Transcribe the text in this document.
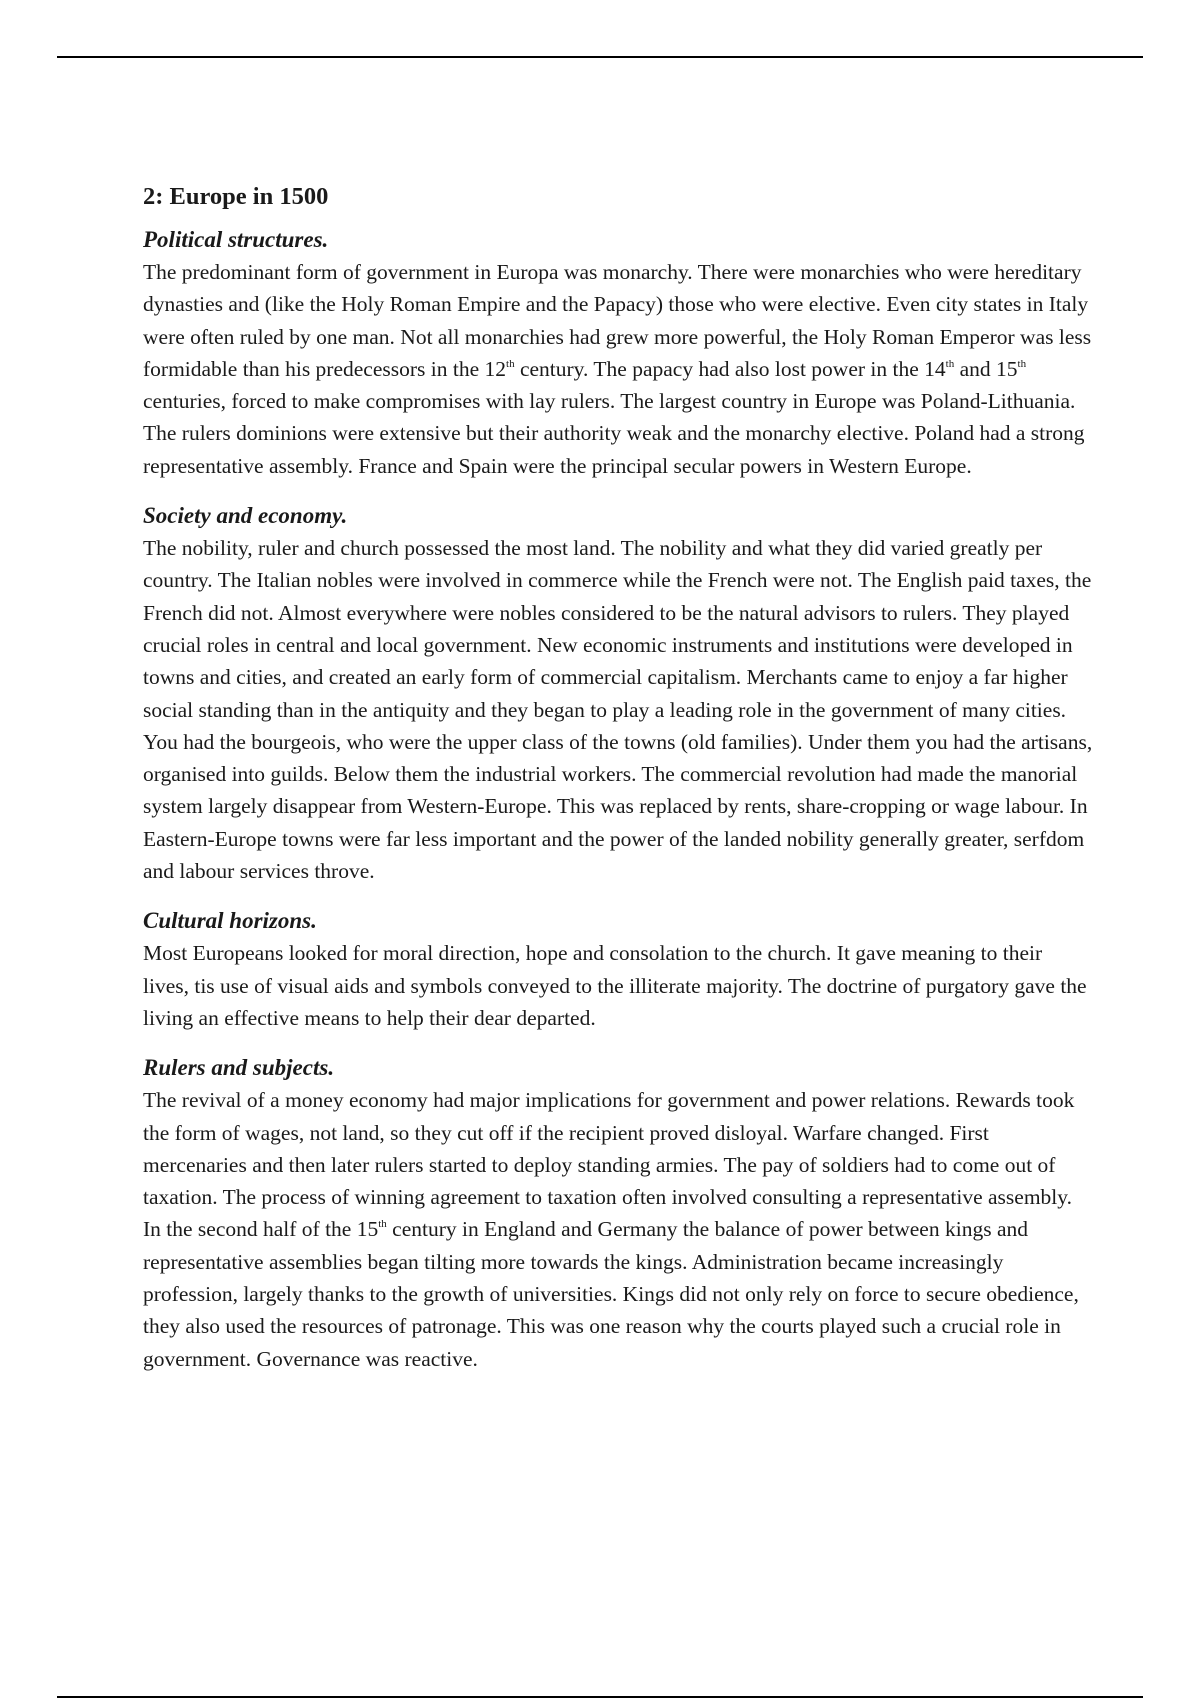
2: Europe in 1500
Political structures.

The predominant form of government in Europa was monarchy. There were monarchies who were hereditary dynasties and (like the Holy Roman Empire and the Papacy) those who were elective. Even city states in Italy were often ruled by one man. Not all monarchies had grew more powerful, the Holy Roman Emperor was less formidable than his predecessors in the 12th century. The papacy had also lost power in the 14th and 15th centuries, forced to make compromises with lay rulers. The largest country in Europe was Poland-Lithuania. The rulers dominions were extensive but their authority weak and the monarchy elective. Poland had a strong representative assembly. France and Spain were the principal secular powers in Western Europe.

Society and economy.

The nobility, ruler and church possessed the most land. The nobility and what they did varied greatly per country. The Italian nobles were involved in commerce while the French were not. The English paid taxes, the French did not. Almost everywhere were nobles considered to be the natural advisors to rulers. They played crucial roles in central and local government. New economic instruments and institutions were developed in towns and cities, and created an early form of commercial capitalism. Merchants came to enjoy a far higher social standing than in the antiquity and they began to play a leading role in the government of many cities. You had the bourgeois, who were the upper class of the towns (old families). Under them you had the artisans, organised into guilds. Below them the industrial workers. The commercial revolution had made the manorial system largely disappear from Western-Europe. This was replaced by rents, share-cropping or wage labour. In Eastern-Europe towns were far less important and the power of the landed nobility generally greater, serfdom and labour services throve.

Cultural horizons.

Most Europeans looked for moral direction, hope and consolation to the church. It gave meaning to their lives, tis use of visual aids and symbols conveyed to the illiterate majority. The doctrine of purgatory gave the living an effective means to help their dear departed.

Rulers and subjects.

The revival of a money economy had major implications for government and power relations. Rewards took the form of wages, not land, so they cut off if the recipient proved disloyal. Warfare changed. First mercenaries and then later rulers started to deploy standing armies. The pay of soldiers had to come out of taxation. The process of winning agreement to taxation often involved consulting a representative assembly. In the second half of the 15th century in England and Germany the balance of power between kings and representative assemblies began tilting more towards the kings. Administration became increasingly profession, largely thanks to the growth of universities. Kings did not only rely on force to secure obedience, they also used the resources of patronage. This was one reason why the courts played such a crucial role in government. Governance was reactive.
